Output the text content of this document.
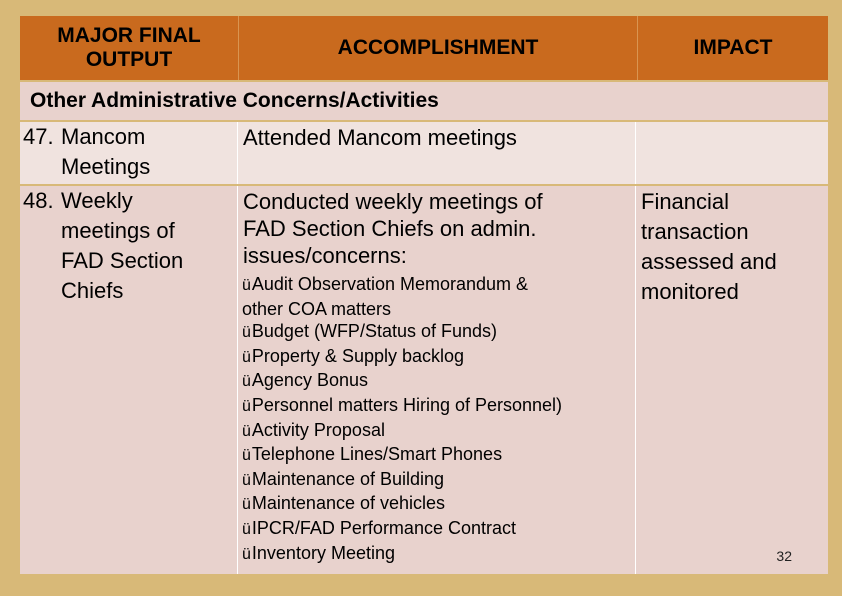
MAJOR FINAL
OUTPUT
ACCOMPLISHMENT	IMPACT
Other Administrative Concerns/Activities
47. Mancom
Meetings
Attended Mancom meetings
48. Weekly
meetings of
FAD Section
Chiefs
Conducted weekly meetings of
FAD Section Chiefs on admin.
issues/concerns:
üAudit Observation Memorandum &
other COA matters
üBudget (WFP/Status of Funds)
üProperty & Supply backlog
üAgency Bonus
üPersonnel matters Hiring of Personnel)
üActivity Proposal
üTelephone Lines/Smart Phones
üMaintenance of Building
üMaintenance of vehicles
üIPCR/FAD Performance Contract
üInventory Meeting
Financial
transaction
assessed and
monitored
32
